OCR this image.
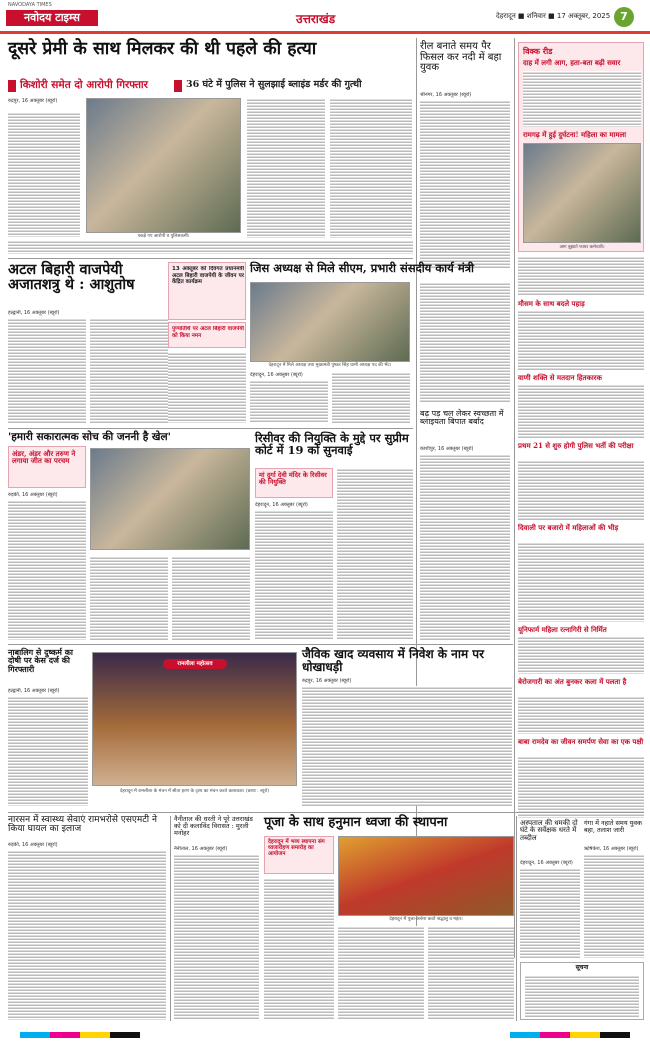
NAVODAYA TIMES
नवोदय टाइम्स	उत्तराखंड	देहरादून ■ शनिवार ■ 17 अक्तूबर, 2025 7
दूसरे प्रेमी के साथ मिलकर की थी पहले की हत्या
किशोरी समेत दो आरोपी गिरफ्तार	36 घंटे में पुलिस ने सुलझाई ब्लाइंड मर्डर की गुत्थी
रुद्रपुर, 16 अक्तूबर (ब्यूरो)
पकड़े गए आरोपी व पुलिसकर्मी।
रील बनाते समय पैर फिसल कर नदी में बहा युवक
श्रीनगर, 16 अक्तूबर (ब्यूरो)
विक्क रीड
दाह में लगी आग, हता-बता बढ़ी सवार
रामगढ़ में हुई दुर्घटना! महिला का मामला
आग बुझाते फायर कर्मचारी।
अटल बिहारी वाजपेयी अजातशत्रु थे : आशुतोष
हल्द्वानी, 16 अक्तूबर (ब्यूरो)
13 अक्तूबर को दिवंगत प्रधानमंत्री अटल बिहारी वाजपेयी के जीवन पर केंद्रित कार्यक्रम
पुण्यतिथि पर अटल बिहारी वाजपेयी को किया नमन
जिस अध्यक्ष से मिले सीएम, प्रभारी संसदीय कार्य मंत्री
देहरादून में मिले अध्यक्ष तथा मुख्यमंत्री पुष्कर सिंह धामी अध्यक्ष पद की भेंट।
देहरादून, 16 अक्तूबर (ब्यूरो)
'हमारी सकारात्मक सोच की जननी है खेल'
अंडर, अंडर और तरुण ने लगाया जीत का परचम
रुड़की, 16 अक्तूबर (ब्यूरो)
रिसीवर की नियुक्ति के मुद्दे पर सुप्रीम कोर्ट में 19 को सुनवाई
मां दुर्गा देवी मंदिर के रिसीवर की नियुक्ति
देहरादून, 16 अक्तूबर (ब्यूरो)
बढ़ पड़ चल लेकर स्वच्छता में ब्लाइयता बिपात बर्बाद
काशीपुर, 16 अक्तूबर (ब्यूरो)
मौसम के साथ बदले पहाड़
वाणी शक्ति से मतदान हितकारक
प्रथम 21 से शुरु होगी पुलिस भर्ती की परीक्षा
दिवाली पर बजारो में महिलाओं की भीड़
यूनिफार्म महिला रत्नागिरी से निर्मित
बेरोजगारी का अंत बुनकर कला में पलता है
बाबा रामदेव का जीवन समर्पण सेवा का एक पक्षी
नाबालिग से दुष्कर्म का दोषी पर केस दर्ज की गिरफ्तारी
हल्द्वानी, 16 अक्तूबर (ब्यूरो)
रामलीला महोत्सव
देहरादून में रामलीला के मंचन में सीता हरण के दृश्य का मंचन करते कलाकार। (छाया : ब्यूरो)
जैविक खाद व्यवसाय में निवेश के नाम पर धोखाधड़ी
रुद्रपुर, 16 अक्तूबर (ब्यूरो)
नारसन में स्वास्थ्य सेवाएं रामभरोसे एसएमटी ने किया घायल का इलाज
रुड़की, 16 अक्तूबर (ब्यूरो)
नैनीताल की धरती ने पूरे उत्तराखंड को दी कलाविंद विरासत : मुरली मनोहर
नैनीताल, 16 अक्तूबर (ब्यूरो)
पूजा के साथ हनुमान ध्वजा की स्थापना
देहरादून में भव्य स्थापना संग ध्वजारोहण समारोह का आयोजन
देहरादून में पूजा-अर्चना करते श्रद्धालु व महंत।
अस्पताल की धमकी दो घंटे के सर्वेक्षक धरते में तब्दील
देहरादून, 16 अक्तूबर (ब्यूरो)
गंगा में नहाते समय युवक बहा, तलाश जारी
ऋषिकेश, 16 अक्तूबर (ब्यूरो)
सूचना
